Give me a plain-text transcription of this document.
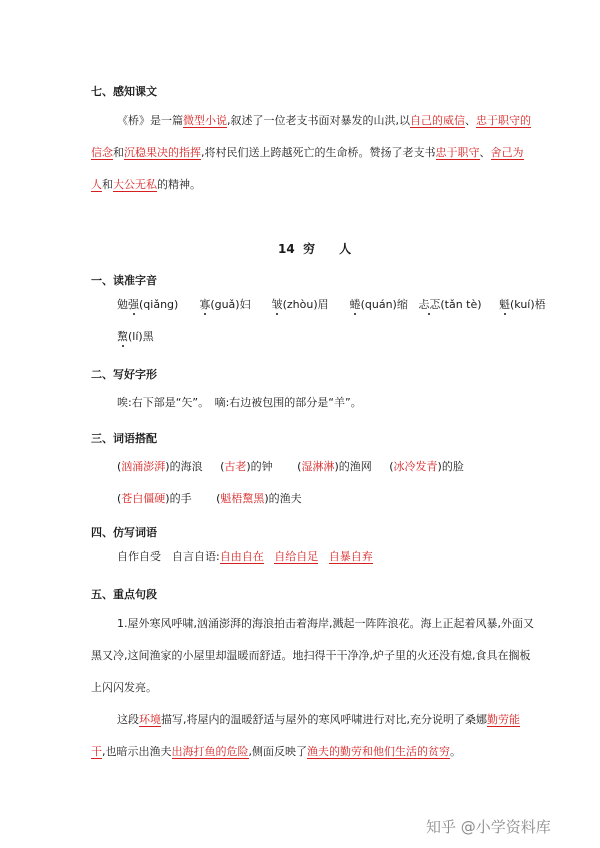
七、感知课文
《桥》是一篇微型小说,叙述了一位老支书面对暴发的山洪,以自己的威信、忠于职守的
信念和沉稳果决的指挥,将村民们送上跨越死亡的生命桥。赞扬了老支书忠于职守、舍己为
人和大公无私的精神。
14 穷　　人
一、读准字音
勉强(qiǎng) 寡(guǎ)妇 皱(zhòu)眉 蜷(quán)缩 忐忑(tǎn tè) 魁(kuí)梧
黧(lí)黑
二、写好字形
唉:右下部是“矢”。　嘀:右边被包围的部分是“羊”。
三、词语搭配
(汹涌澎湃)的海浪     (古老)的钟       (湿淋淋)的渔网     (冰冷发青)的脸
(苍白僵硬)的手       (魁梧黧黑)的渔夫
四、仿写词语
自作自受　自言自语:自由自在 自给自足 自暴自弃
五、重点句段
1.屋外寒风呼啸,汹涌澎湃的海浪拍击着海岸,溅起一阵阵浪花。海上正起着风暴,外面又
黑又冷,这间渔家的小屋里却温暖而舒适。地扫得干干净净,炉子里的火还没有熄,食具在搁板
上闪闪发亮。
这段环境描写,将屋内的温暖舒适与屋外的寒风呼啸进行对比,充分说明了桑娜勤劳能
干,也暗示出渔夫出海打鱼的危险,侧面反映了渔夫的勤劳和他们生活的贫穷。
知乎 @小学资料库
